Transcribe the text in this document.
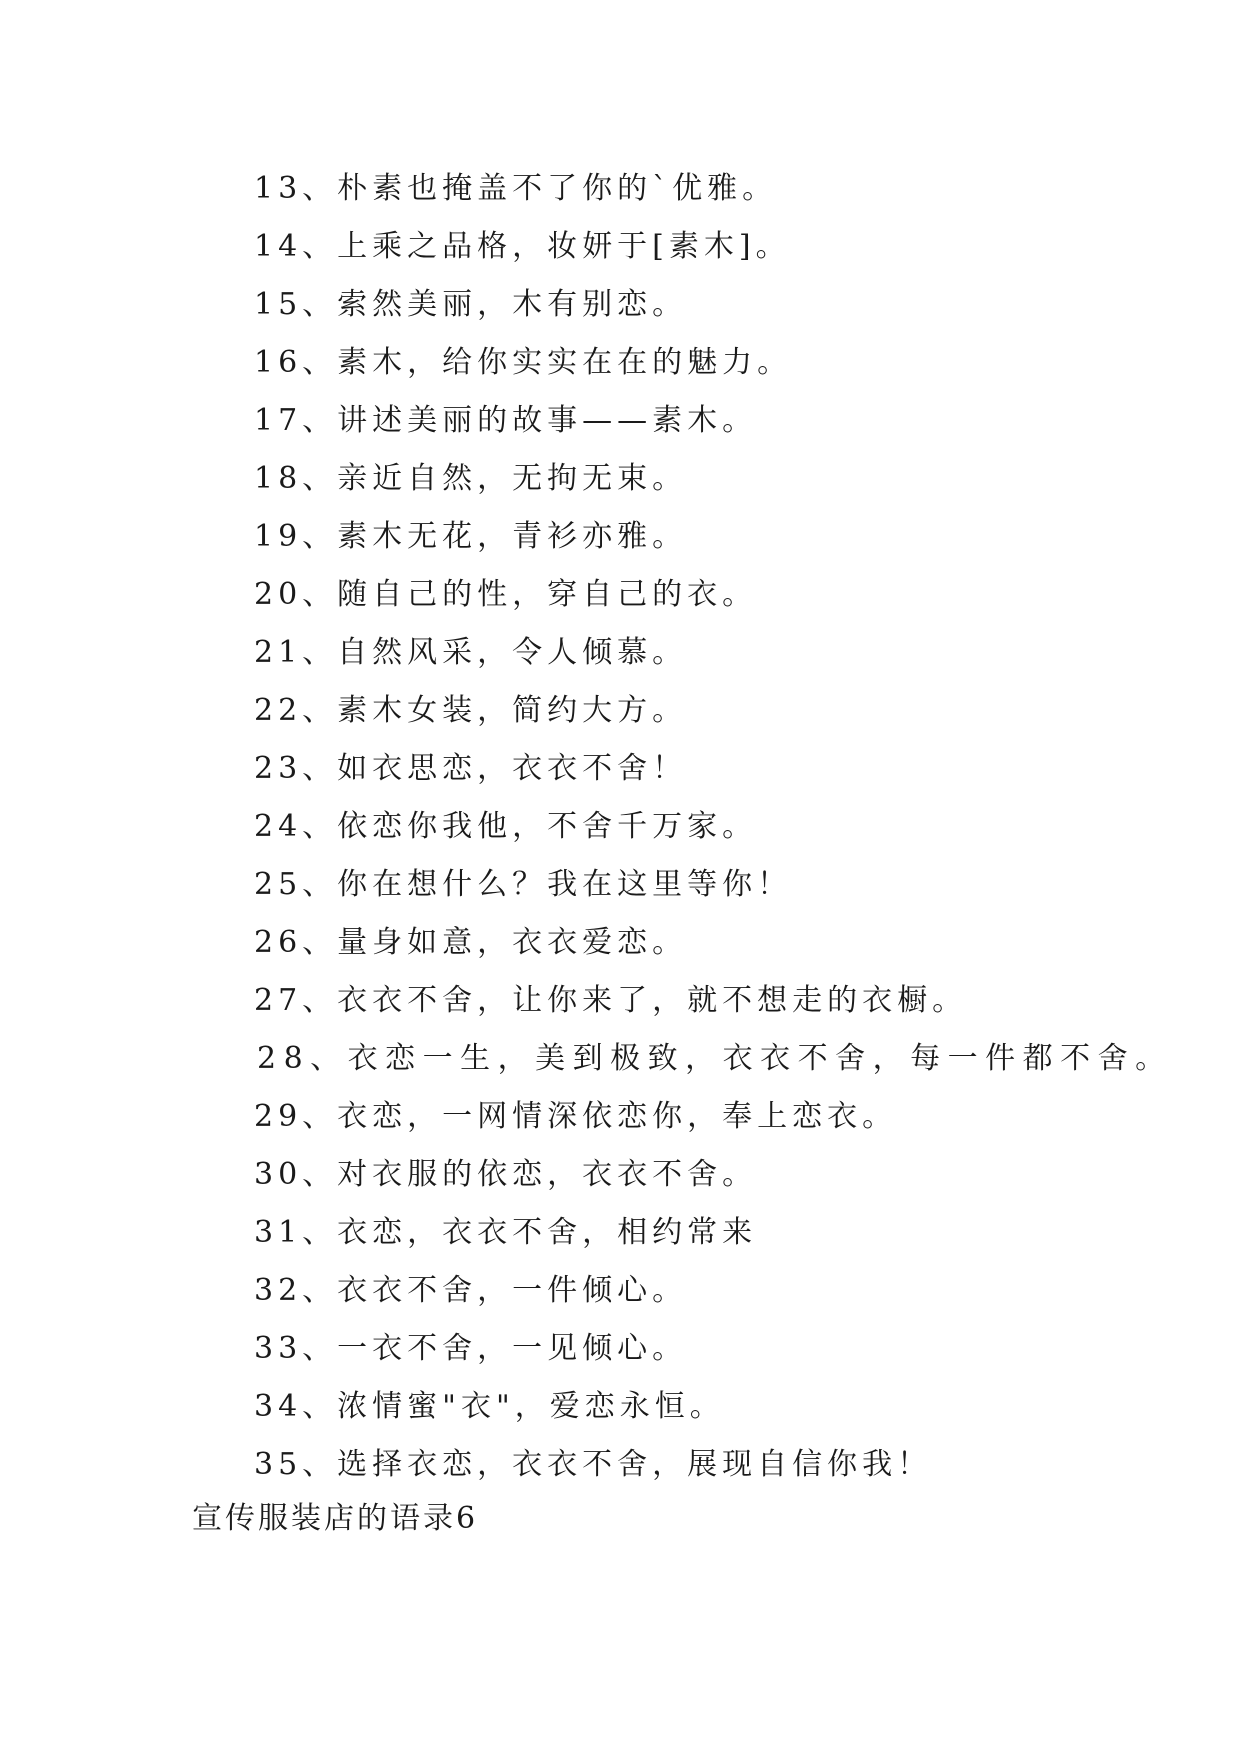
13、朴素也掩盖不了你的`优雅。
14、上乘之品格，妆妍于[素木]。
15、索然美丽，木有别恋。
16、素木，给你实实在在的魅力。
17、讲述美丽的故事——素木。
18、亲近自然，无拘无束。
19、素木无花，青衫亦雅。
20、随自己的性，穿自己的衣。
21、自然风采，令人倾慕。
22、素木女装，简约大方。
23、如衣思恋，衣衣不舍！
24、依恋你我他，不舍千万家。
25、你在想什么？我在这里等你！
26、量身如意，衣衣爱恋。
27、衣衣不舍，让你来了，就不想走的衣橱。
28、衣恋一生，美到极致，衣衣不舍，每一件都不舍。
29、衣恋，一网情深依恋你，奉上恋衣。
30、对衣服的依恋，衣衣不舍。
31、衣恋，衣衣不舍，相约常来
32、衣衣不舍，一件倾心。
33、一衣不舍，一见倾心。
34、浓情蜜"衣"，爱恋永恒。
35、选择衣恋，衣衣不舍，展现自信你我！
宣传服装店的语录6
